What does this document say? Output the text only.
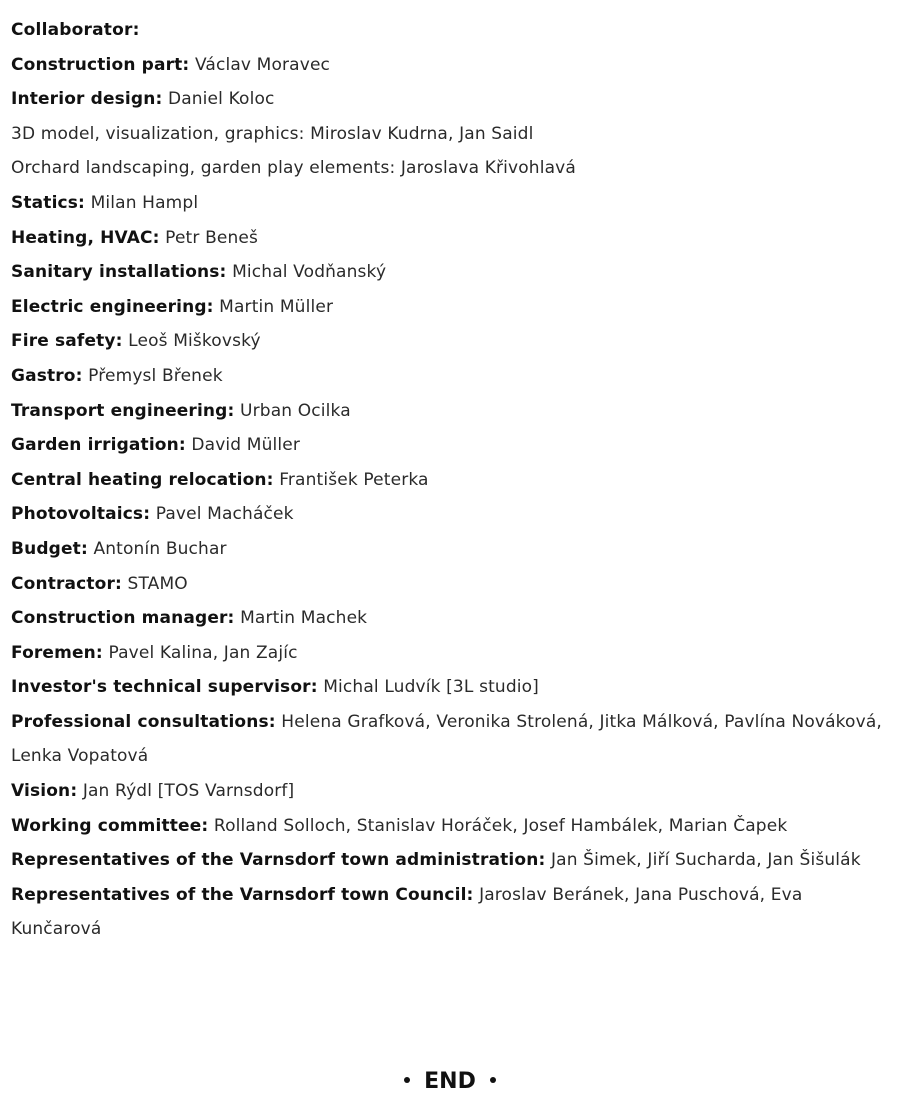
Collaborator:

Construction part: Václav Moravec

Interior design: Daniel Koloc

3D model, visualization, graphics: Miroslav Kudrna, Jan Saidl

Orchard landscaping, garden play elements: Jaroslava Křivohlavá

Statics: Milan Hampl

Heating, HVAC: Petr Beneš

Sanitary installations: Michal Vodňanský

Electric engineering: Martin Müller

Fire safety: Leoš Miškovský

Gastro: Přemysl Břenek

Transport engineering: Urban Ocilka

Garden irrigation: David Müller

Central heating relocation: František Peterka

Photovoltaics: Pavel Macháček

Budget: Antonín Buchar

Contractor: STAMO

Construction manager: Martin Machek

Foremen: Pavel Kalina, Jan Zajíc

Investor's technical supervisor: Michal Ludvík [3L studio]

Professional consultations: Helena Grafková, Veronika Strolená, Jitka Málková, Pavlína Nováková, Lenka Vopatová

Vision: Jan Rýdl [TOS Varnsdorf]

Working committee: Rolland Solloch, Stanislav Horáček, Josef Hambálek, Marian Čapek

Representatives of the Varnsdorf town administration: Jan Šimek, Jiří Sucharda, Jan Šišulák

Representatives of the Varnsdorf town Council: Jaroslav Beránek, Jana Puschová, Eva Kunčarová

END
